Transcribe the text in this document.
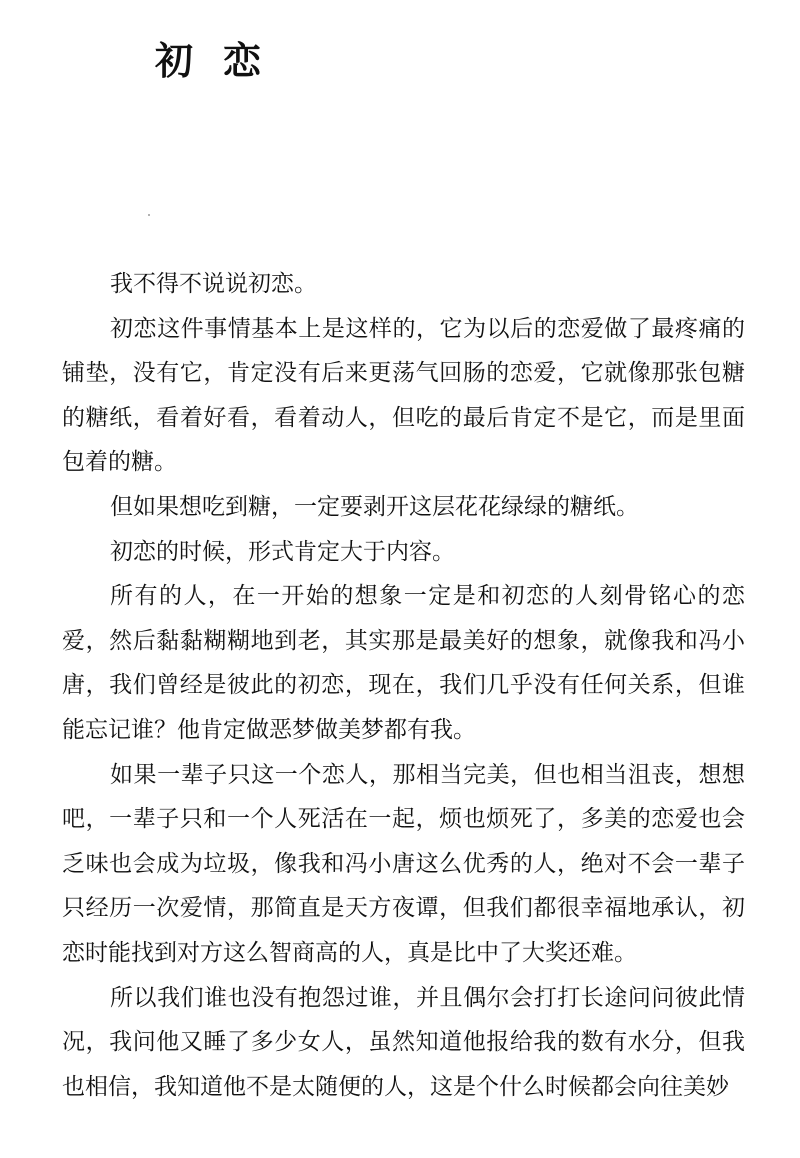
初恋

我不得不说说初恋。

初恋这件事情基本上是这样的，它为以后的恋爱做了最疼痛的铺垫，没有它，肯定没有后来更荡气回肠的恋爱，它就像那张包糖的糖纸，看着好看，看着动人，但吃的最后肯定不是它，而是里面包着的糖。

但如果想吃到糖，一定要剥开这层花花绿绿的糖纸。

初恋的时候，形式肯定大于内容。

所有的人，在一开始的想象一定是和初恋的人刻骨铭心的恋爱，然后黏黏糊糊地到老，其实那是最美好的想象，就像我和冯小唐，我们曾经是彼此的初恋，现在，我们几乎没有任何关系，但谁能忘记谁？他肯定做恶梦做美梦都有我。

如果一辈子只这一个恋人，那相当完美，但也相当沮丧，想想吧，一辈子只和一个人死活在一起，烦也烦死了，多美的恋爱也会乏味也会成为垃圾，像我和冯小唐这么优秀的人，绝对不会一辈子只经历一次爱情，那简直是天方夜谭，但我们都很幸福地承认，初恋时能找到对方这么智商高的人，真是比中了大奖还难。

所以我们谁也没有抱怨过谁，并且偶尔会打打长途问问彼此情况，我问他又睡了多少女人，虽然知道他报给我的数有水分，但我也相信，我知道他不是太随便的人，这是个什么时候都会向往美妙
